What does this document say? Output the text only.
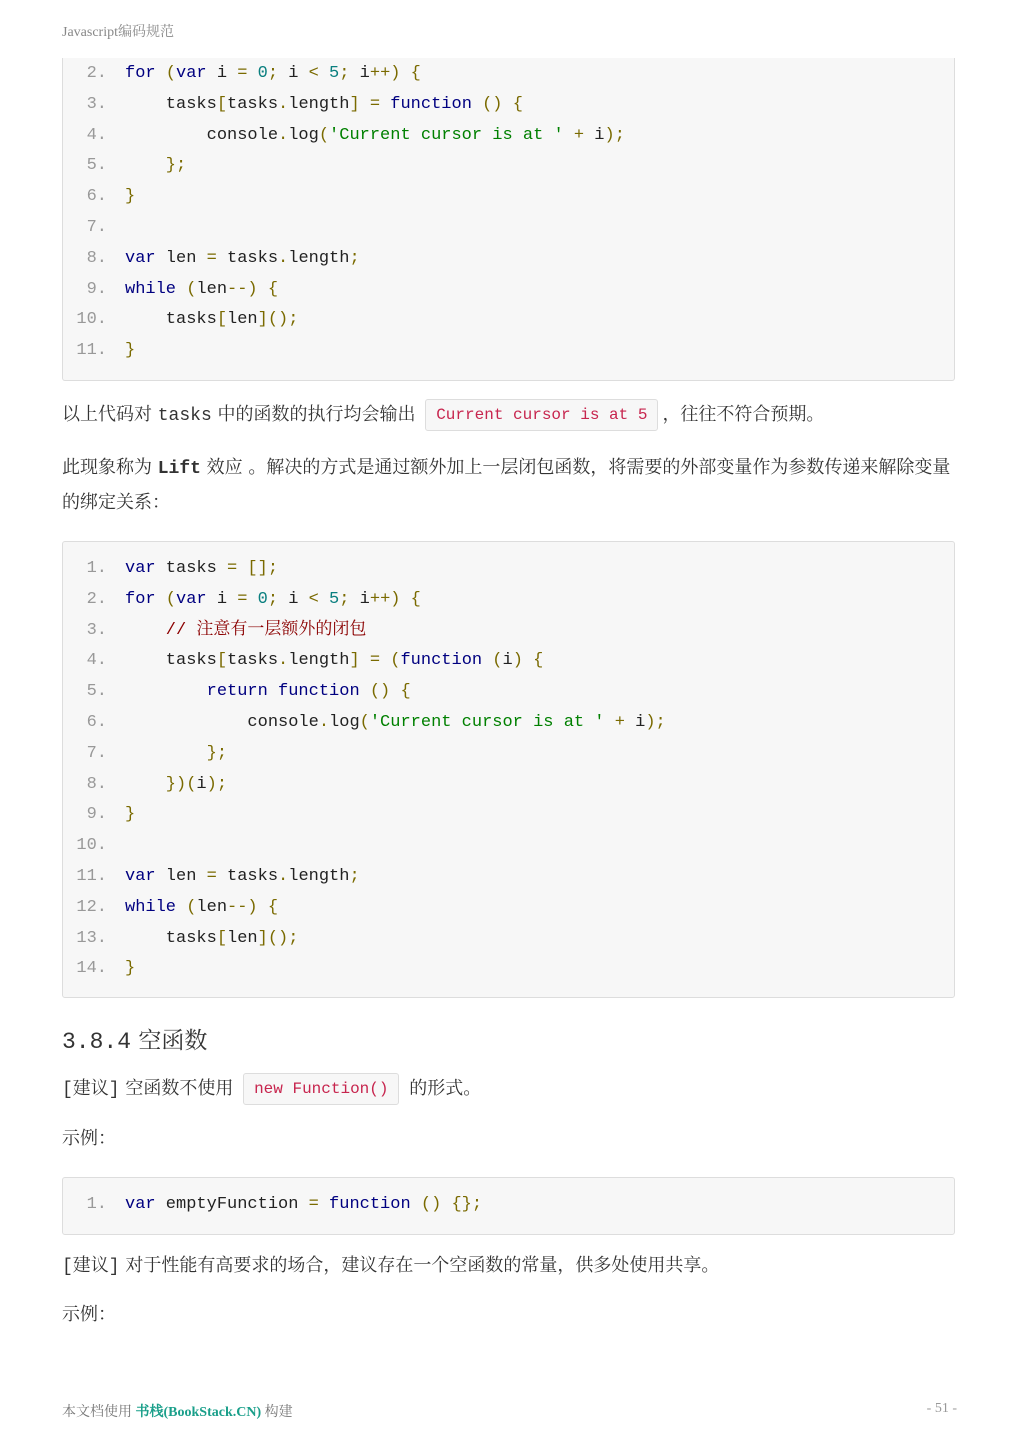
Javascript编码规范
2. for (var i = 0; i < 5; i++) {
3. tasks[tasks.length] = function () {
4. console.log('Current cursor is at ' + i);
5. };
6. }
7.
8. var len = tasks.length;
9. while (len--) {
10. tasks[len]();
11. }
以上代码对 tasks 中的函数的执行均会输出 Current cursor is at 5 ，往往不符合预期。
此现象称为 Lift 效应 。解决的方式是通过额外加上一层闭包函数，将需要的外部变量作为参数传递来解除变量的绑定关系：
1. var tasks = [];
2. for (var i = 0; i < 5; i++) {
3. // 注意有一层额外的闭包
4. tasks[tasks.length] = (function (i) {
5. return function () {
6. console.log('Current cursor is at ' + i);
7. };
8. })(i);
9. }
10.
11. var len = tasks.length;
12. while (len--) {
13. tasks[len]();
14. }
3.8.4 空函数
[建议] 空函数不使用 new Function() 的形式。
示例：
1. var emptyFunction = function () {};
[建议] 对于性能有高要求的场合，建议存在一个空函数的常量，供多处使用共享。
示例：
本文档使用 书栈(BookStack.CN) 构建	- 51 -
